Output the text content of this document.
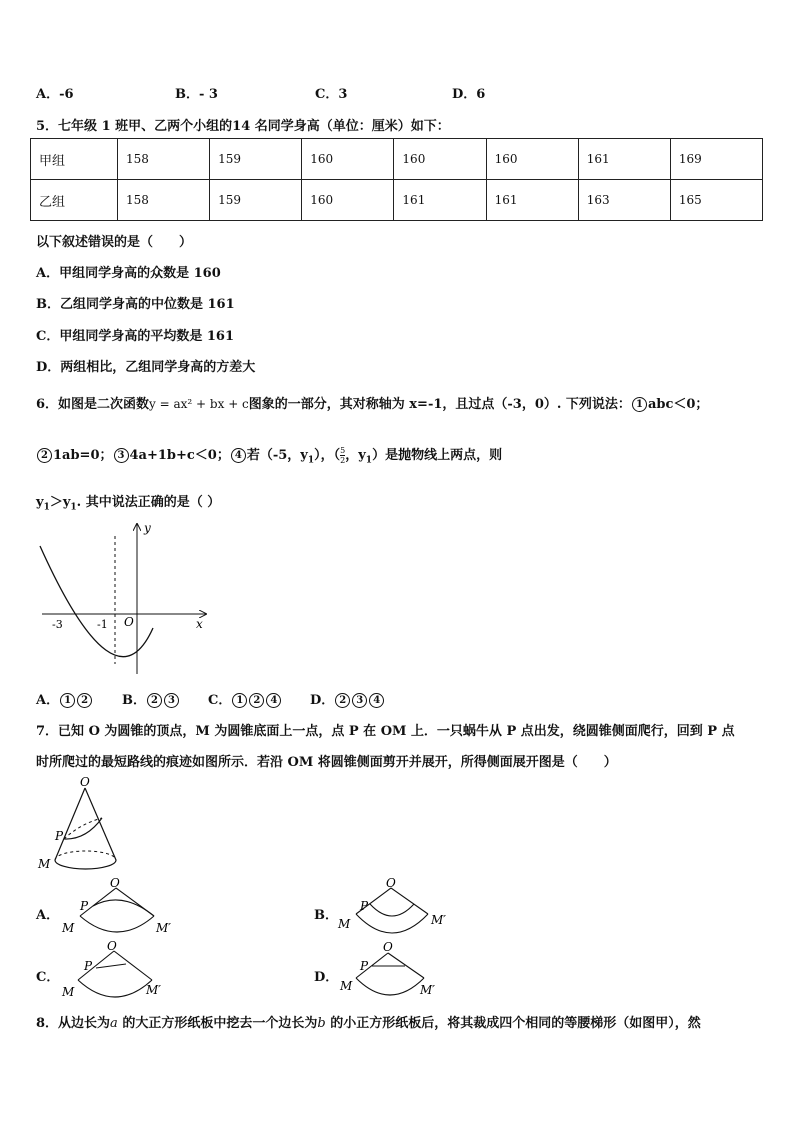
A．-6	B．- 3	C．3	D．6
5．七年级 1 班甲、乙两个小组的14 名同学身高（单位：厘米）如下：
甲组	158	159	160	160	160	161	169
乙组	158	159	160	161	161	163	165
以下叙述错误的是（　　）
A．甲组同学身高的众数是 160
B．乙组同学身高的中位数是 161
C．甲组同学身高的平均数是 161
D．两组相比，乙组同学身高的方差大
6．如图是二次函数y = ax² + bx + c图象的一部分，其对称轴为 x=-1，且过点（-3，0）. 下列说法： 1 abc＜0；
2 1ab=0； 3 4a+1b+c＜0； 4 若（-5，$y_1$），（ $\frac{5}{2}$ ，$y_1$）是抛物线上两点，则
$y_1>y_1$. 其中说法正确的是（ ）
y
x
O
-3	-1
A． 1 2	B． 2 3	C． 1 2 4	D． 2 3 4
7．已知 O 为圆锥的顶点，M 为圆锥底面上一点，点 P 在 OM 上．一只蜗牛从 P 点出发，绕圆锥侧面爬行，回到 P 点
时所爬过的最短路线的痕迹如图所示．若沿 OM 将圆锥侧面剪开并展开，所得侧面展开图是（　　）
O
P
M
A．
O
P
M	M′
B．
O
P
M	M′
C．
O
P
M	M′
D．
O
P
M	M′
8．从边长为a 的大正方形纸板中挖去一个边长为b 的小正方形纸板后，将其裁成四个相同的等腰梯形（如图甲），然
